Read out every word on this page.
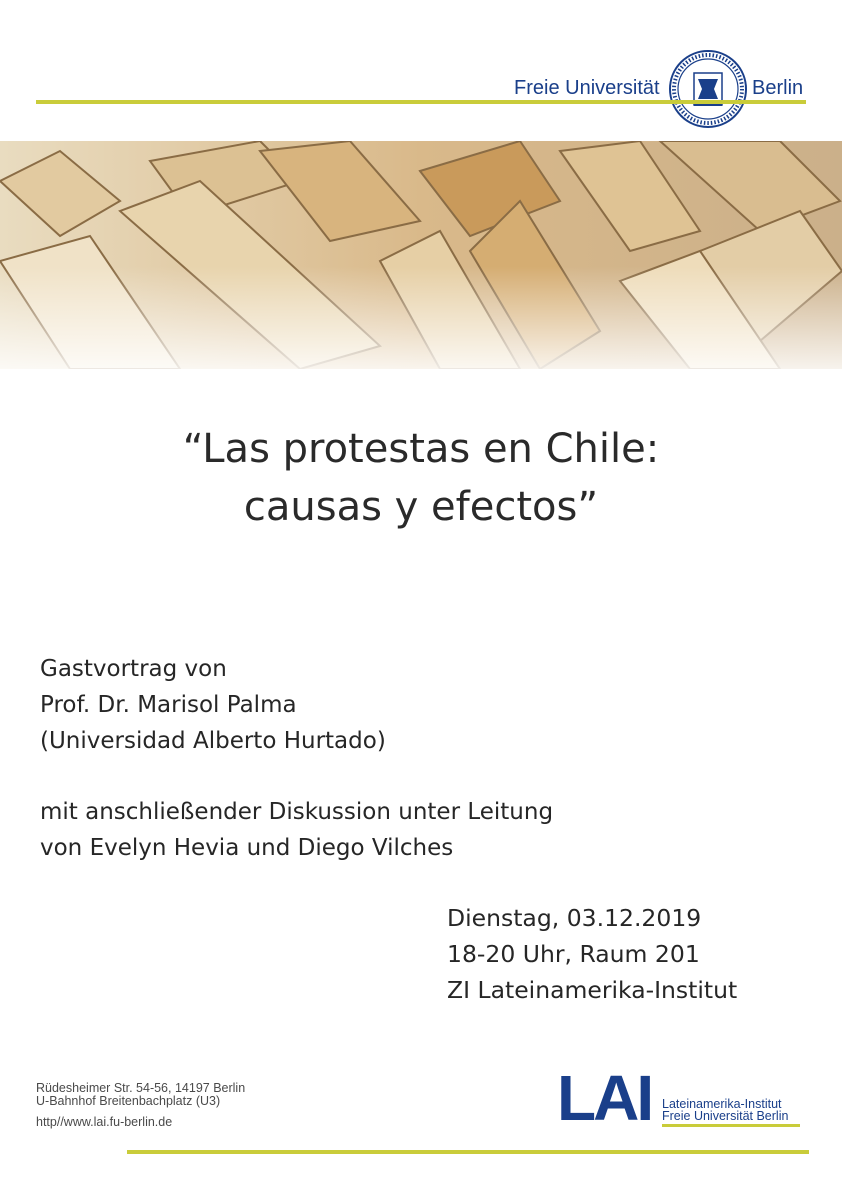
Freie Universität	Berlin
“Las protestas en Chile:
causas y efectos”
Gastvortrag von
Prof. Dr. Marisol Palma
(Universidad Alberto Hurtado)
mit anschließender Diskussion unter Leitung
von Evelyn Hevia und Diego Vilches
Dienstag, 03.12.2019
18-20 Uhr, Raum 201
ZI Lateinamerika-Institut
Rüdesheimer Str. 54-56, 14197 Berlin
U-Bahnhof Breitenbachplatz (U3)
http//www.lai.fu-berlin.de	LAI Lateinamerika-Institut
Freie Universität Berlin
